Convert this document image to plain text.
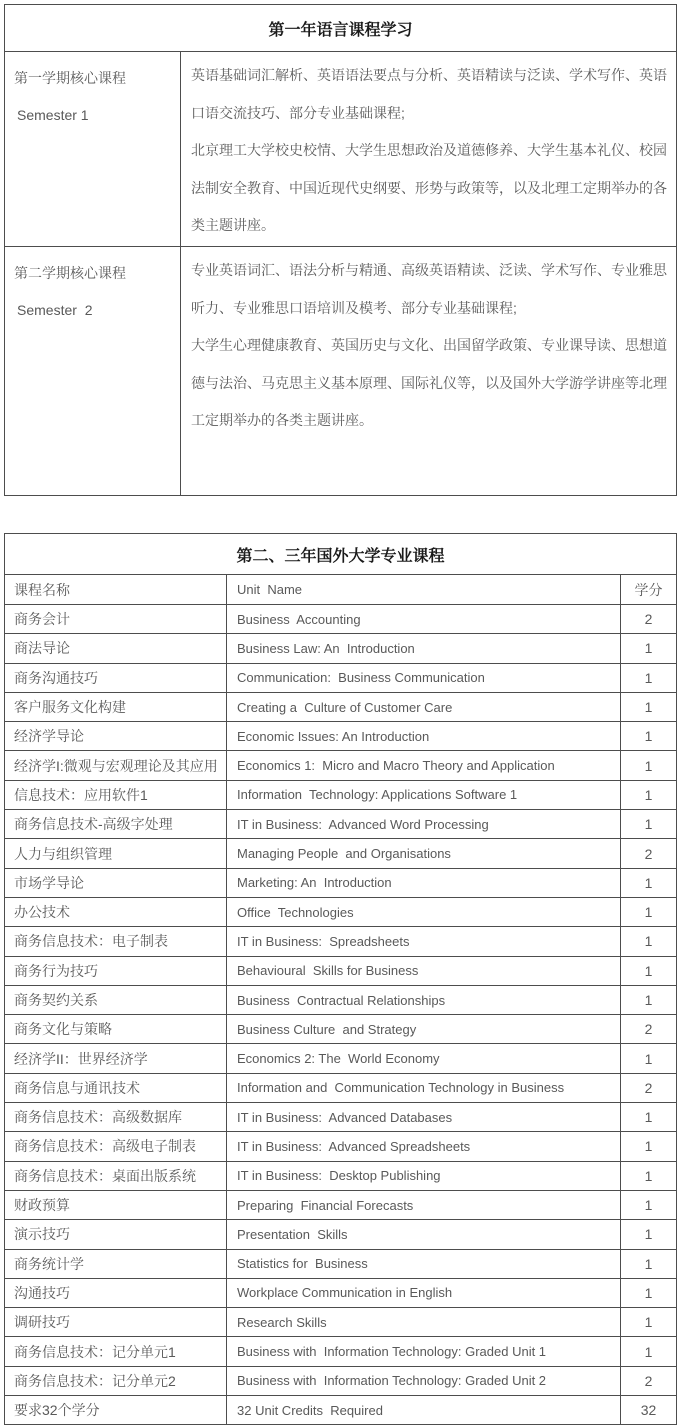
第一年语言课程学习	

第一学期核心课程
Semester 1

英语基础词汇解析、英语语法要点与分析、英语精读与泛读、学术写作、英语口语交流技巧、部分专业基础课程;
北京理工大学校史校情、大学生思想政治及道德修养、大学生基本礼仪、校园法制安全教育、中国近现代史纲要、形势与政策等，以及北理工定期举办的各类主题讲座。

第二学期核心课程
Semester  2

专业英语词汇、语法分析与精通、高级英语精读、泛读、学术写作、专业雅思听力、专业雅思口语培训及模考、部分专业基础课程;
大学生心理健康教育、英国历史与文化、出国留学政策、专业课导读、思想道德与法治、马克思主义基本原理、国际礼仪等，以及国外大学游学讲座等北理工定期举办的各类主题讲座。
第二、三年国外大学专业课程		
课程名称	Unit  Name	学分
商务会计	Business  Accounting	2
商法导论	Business Law: An  Introduction	1
商务沟通技巧	Communication:  Business Communication	1
客户服务文化构建	Creating a  Culture of Customer Care	1
经济学导论	Economic Issues: An Introduction	1
经济学I:微观与宏观理论及其应用	Economics 1:  Micro and Macro Theory and Application	1
信息技术：应用软件1	Information  Technology: Applications Software 1	1
商务信息技术-高级字处理	IT in Business:  Advanced Word Processing	1
人力与组织管理	Managing People  and Organisations	2
市场学导论	Marketing: An  Introduction	1
办公技术	Office  Technologies	1
商务信息技术：电子制表	IT in Business:  Spreadsheets	1
商务行为技巧	Behavioural  Skills for Business	1
商务契约关系	Business  Contractual Relationships	1
商务文化与策略	Business Culture  and Strategy	2
经济学II：世界经济学	Economics 2: The  World Economy	1
商务信息与通讯技术	Information and  Communication Technology in Business	2
商务信息技术：高级数据库	IT in Business:  Advanced Databases	1
商务信息技术：高级电子制表	IT in Business:  Advanced Spreadsheets	1
商务信息技术：桌面出版系统	IT in Business:  Desktop Publishing	1
财政预算	Preparing  Financial Forecasts	1
演示技巧	Presentation  Skills	1
商务统计学	Statistics for  Business	1
沟通技巧	Workplace Communication in English	1
调研技巧	Research Skills	1
商务信息技术：记分单元1	Business with  Information Technology: Graded Unit 1	1
商务信息技术：记分单元2	Business with  Information Technology: Graded Unit 2	2
要求32个学分	32 Unit Credits  Required	32
